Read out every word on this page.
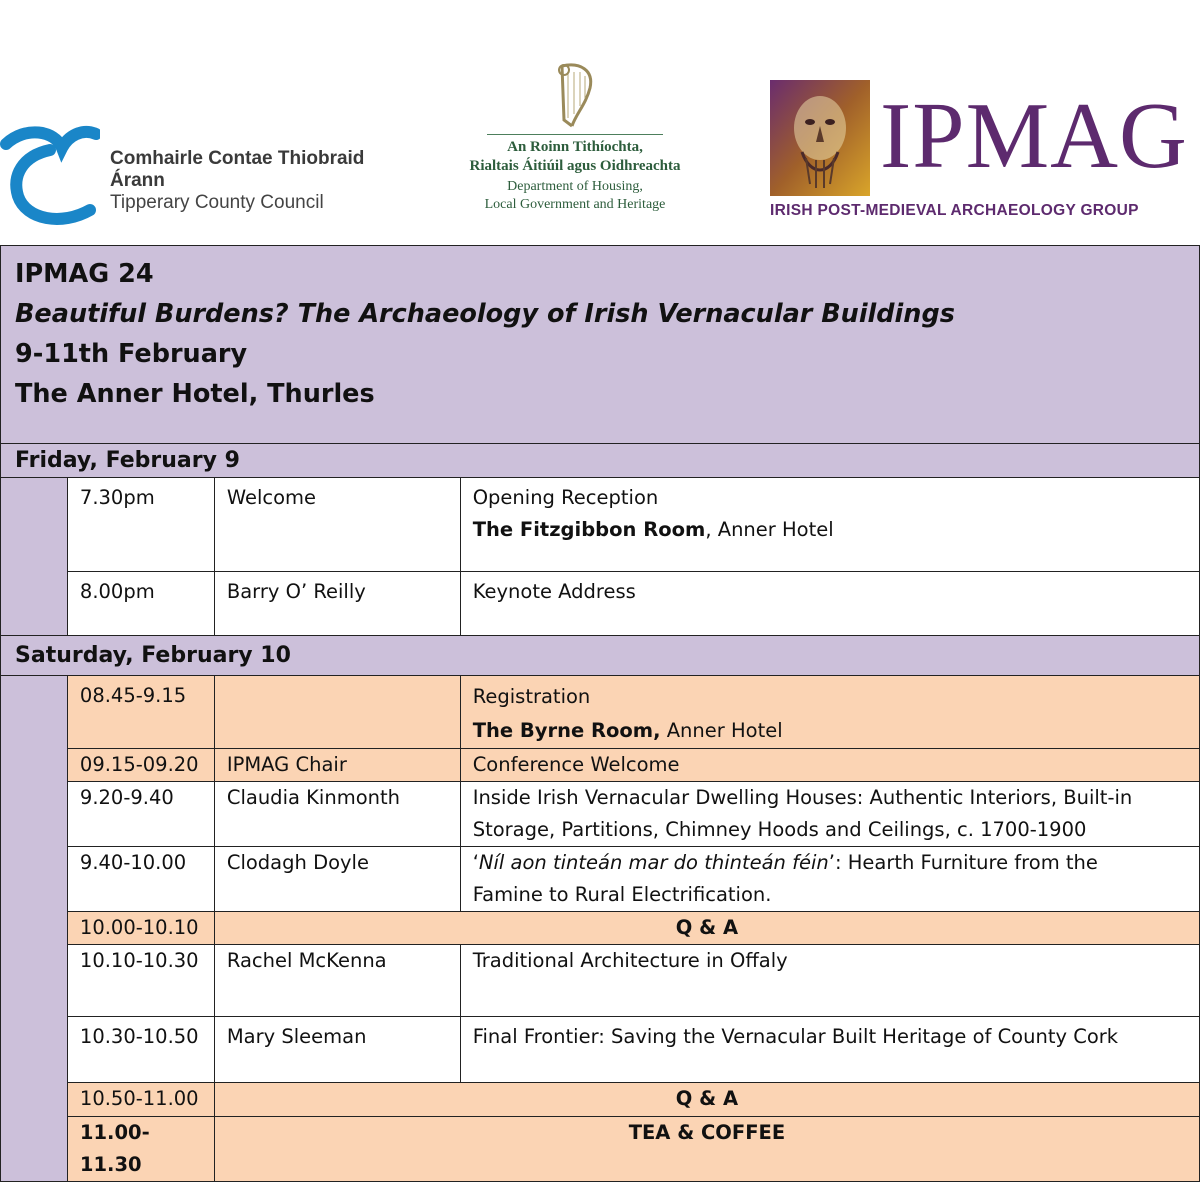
Comhairle Contae Thiobraid Árann
Tipperary County Council
An Roinn Tithíochta,
Rialtais Áitiúil agus Oidhreachta
Department of Housing,
Local Government and Heritage
IPMAG
IRISH POST-MEDIEVAL ARCHAEOLOGY GROUP
IPMAG 24
Beautiful Burdens? The Archaeology of Irish Vernacular Buildings
9-11th February
The Anner Hotel, Thurles			

Friday, February 9			
	7.30pm	Welcome	Opening Reception
The Fitzgibbon Room, Anner Hotel

	8.00pm	Barry O’ Reilly	Keynote Address
Saturday, February 10			
	08.45-9.15		Registration
The Byrne Room, Anner Hotel

	09.15-09.20	IPMAG Chair	Conference Welcome
	9.20-9.40	Claudia Kinmonth	Inside Irish Vernacular Dwelling Houses: Authentic Interiors, Built-in
Storage, Partitions, Chimney Hoods and Ceilings, c. 1700-1900

	9.40-10.00	Clodagh Doyle	‘Níl aon tinteán mar do thinteán féin’: Hearth Furniture from the
Famine to Rural Electrification.

	10.00-10.10	Q & A	
	10.10-10.30	Rachel McKenna	Traditional Architecture in Offaly
	10.30-10.50	Mary Sleeman	Final Frontier: Saving the Vernacular Built Heritage of County Cork
	10.50-11.00	Q & A	
	11.00-11.30	TEA & COFFEE	
